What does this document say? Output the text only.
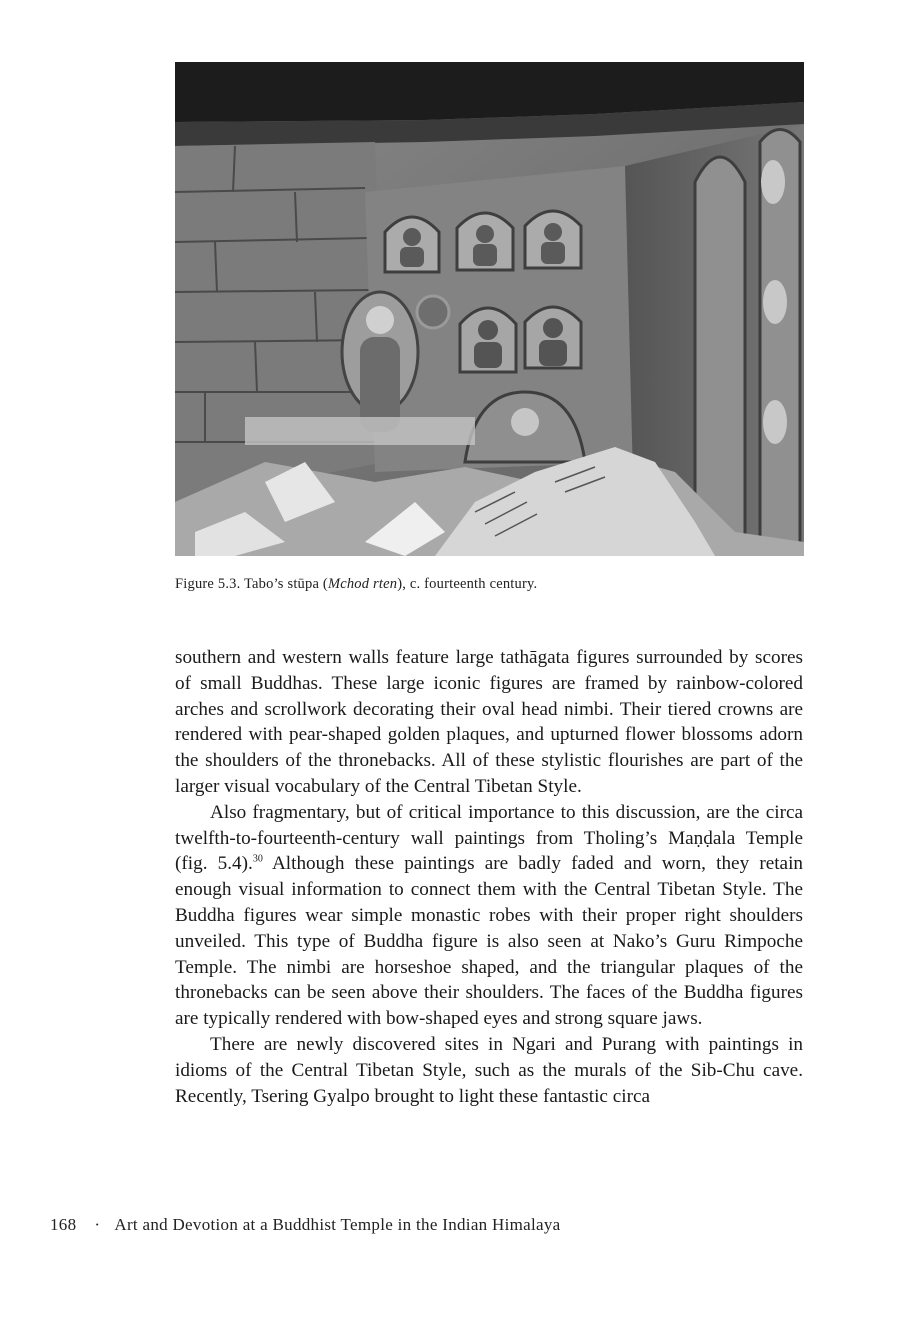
Figure 5.3. Tabo’s stūpa (Mchod rten), c. fourteenth century.

southern and western walls feature large tathāgata figures surrounded by scores of small Buddhas. These large iconic figures are framed by rainbow-colored arches and scrollwork decorating their oval head nimbi. Their tiered crowns are rendered with pear-shaped golden plaques, and upturned flower blossoms adorn the shoulders of the thronebacks. All of these stylistic flourishes are part of the larger visual vocabulary of the Central Tibetan Style.

Also fragmentary, but of critical importance to this discussion, are the circa twelfth-to-fourteenth-century wall paintings from Tholing’s Maṇḍala Temple (fig. 5.4).$^{30}$ Although these paintings are badly faded and worn, they retain enough visual information to connect them with the Central Tibetan Style. The Buddha figures wear simple monastic robes with their proper right shoulders unveiled. This type of Buddha figure is also seen at Nako’s Guru Rimpoche Temple. The nimbi are horseshoe shaped, and the triangular plaques of the thronebacks can be seen above their shoulders. The faces of the Buddha figures are typically rendered with bow-shaped eyes and strong square jaws.

There are newly discovered sites in Ngari and Purang with paintings in idioms of the Central Tibetan Style, such as the murals of the Sib-Chu cave. Recently, Tsering Gyalpo brought to light these fantastic circa

168 · Art and Devotion at a Buddhist Temple in the Indian Himalaya
